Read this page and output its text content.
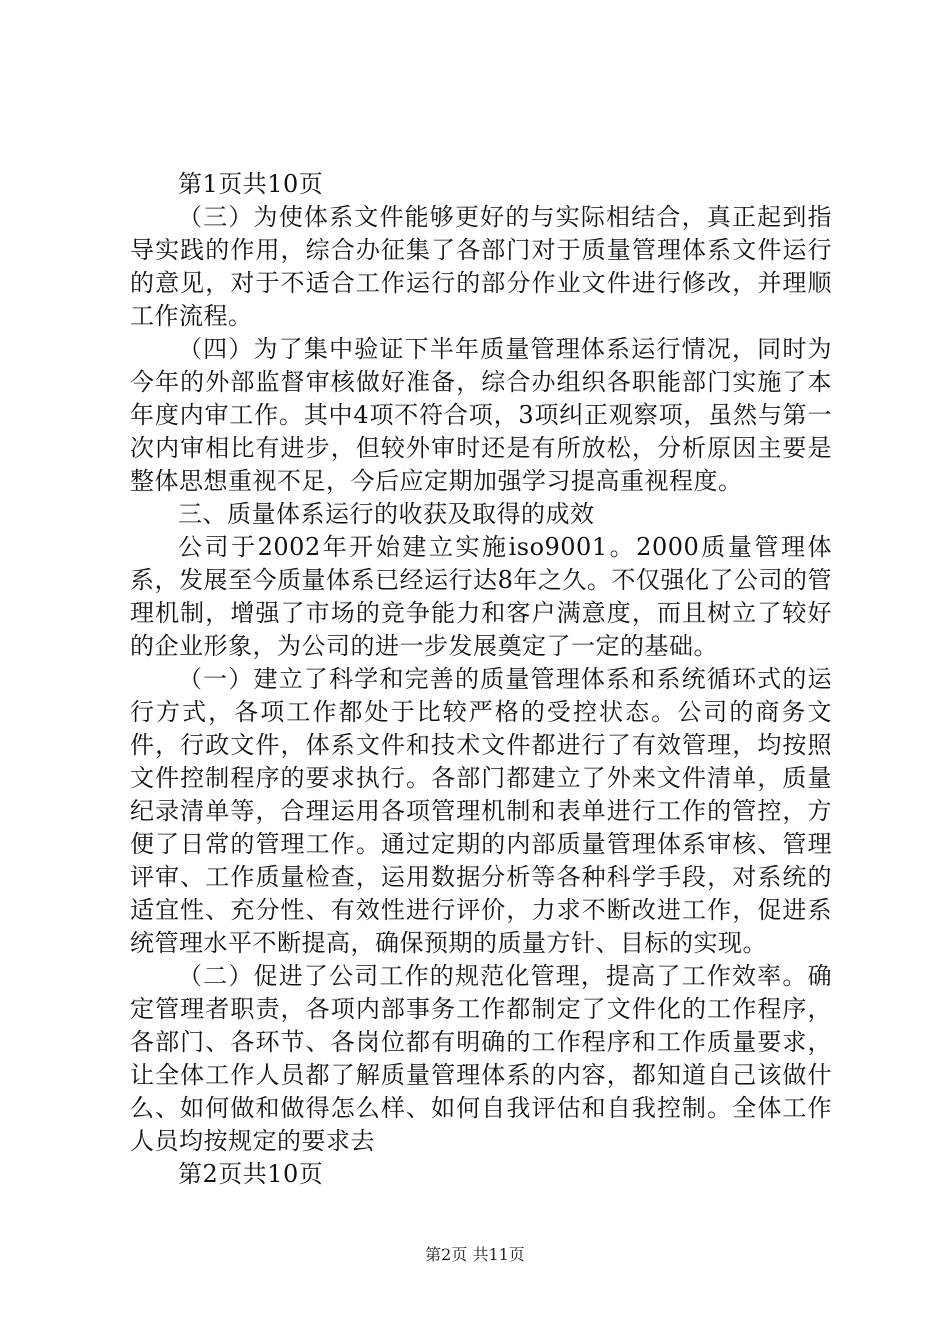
第1页共10页

（三）为使体系文件能够更好的与实际相结合，真正起到指导实践的作用，综合办征集了各部门对于质量管理体系文件运行的意见，对于不适合工作运行的部分作业文件进行修改，并理顺工作流程。

（四）为了集中验证下半年质量管理体系运行情况，同时为今年的外部监督审核做好准备，综合办组织各职能部门实施了本年度内审工作。其中4项不符合项，3项纠正观察项，虽然与第一次内审相比有进步，但较外审时还是有所放松，分析原因主要是整体思想重视不足，今后应定期加强学习提高重视程度。

三、质量体系运行的收获及取得的成效

公司于2002年开始建立实施iso9001。2000质量管理体系，发展至今质量体系已经运行达8年之久。不仅强化了公司的管理机制，增强了市场的竞争能力和客户满意度，而且树立了较好的企业形象，为公司的进一步发展奠定了一定的基础。

（一）建立了科学和完善的质量管理体系和系统循环式的运行方式，各项工作都处于比较严格的受控状态。公司的商务文件，行政文件，体系文件和技术文件都进行了有效管理，均按照文件控制程序的要求执行。各部门都建立了外来文件清单，质量纪录清单等，合理运用各项管理机制和表单进行工作的管控，方便了日常的管理工作。通过定期的内部质量管理体系审核、管理评审、工作质量检查，运用数据分析等各种科学手段，对系统的适宜性、充分性、有效性进行评价，力求不断改进工作，促进系统管理水平不断提高，确保预期的质量方针、目标的实现。

（二）促进了公司工作的规范化管理，提高了工作效率。确定管理者职责，各项内部事务工作都制定了文件化的工作程序，各部门、各环节、各岗位都有明确的工作程序和工作质量要求，让全体工作人员都了解质量管理体系的内容，都知道自己该做什么、如何做和做得怎么样、如何自我评估和自我控制。全体工作人员均按规定的要求去

第2页共10页

第2页 共11页
